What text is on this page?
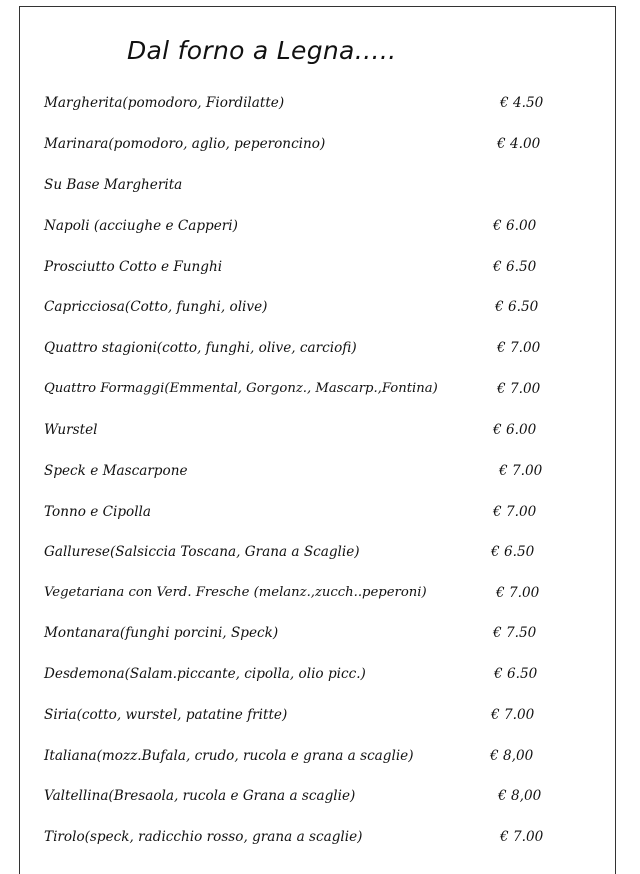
Dal forno a Legna…..
Margherita(pomodoro, Fiordilatte)	€ 4.50
Marinara(pomodoro, aglio, peperoncino)	€ 4.00
Su Base Margherita
Napoli (acciughe e Capperi)	€ 6.00
Prosciutto Cotto e Funghi	€ 6.50
Capricciosa(Cotto, funghi, olive)	€ 6.50
Quattro stagioni(cotto, funghi, olive, carciofi)	€ 7.00
Quattro Formaggi(Emmental, Gorgonz., Mascarp.,Fontina)	€ 7.00
Wurstel	€ 6.00
Speck e Mascarpone	€ 7.00
Tonno e Cipolla	€ 7.00
Gallurese(Salsiccia Toscana, Grana a Scaglie)	€ 6.50
Vegetariana con Verd. Fresche (melanz.,zucch..peperoni)	€ 7.00
Montanara(funghi porcini, Speck)	€ 7.50
Desdemona(Salam.piccante, cipolla, olio picc.)	€ 6.50
Siria(cotto, wurstel, patatine fritte)	€ 7.00
Italiana(mozz.Bufala, crudo, rucola e grana a scaglie)	€ 8,00
Valtellina(Bresaola, rucola e Grana a scaglie)	€ 8,00
Tirolo(speck, radicchio rosso, grana a scaglie)	€ 7.00
